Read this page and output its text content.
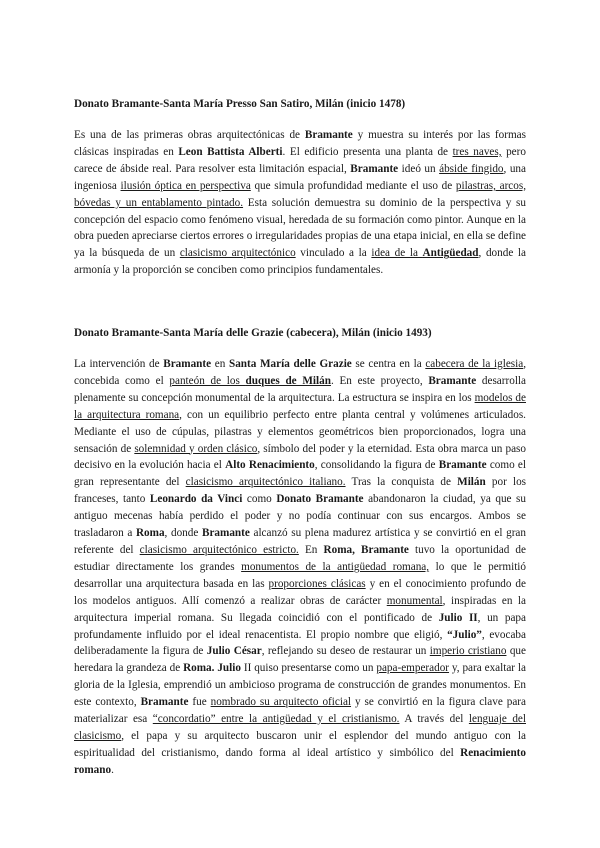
Donato Bramante-Santa María Presso San Satiro, Milán (inicio 1478)

Es una de las primeras obras arquitectónicas de Bramante y muestra su interés por las formas clásicas inspiradas en Leon Battista Alberti. El edificio presenta una planta de tres naves, pero carece de ábside real. Para resolver esta limitación espacial, Bramante ideó un ábside fingido, una ingeniosa ilusión óptica en perspectiva que simula profundidad mediante el uso de pilastras, arcos, bóvedas y un entablamento pintado. Esta solución demuestra su dominio de la perspectiva y su concepción del espacio como fenómeno visual, heredada de su formación como pintor. Aunque en la obra pueden apreciarse ciertos errores o irregularidades propias de una etapa inicial, en ella se define ya la búsqueda de un clasicismo arquitectónico vinculado a la idea de la Antigüedad, donde la armonía y la proporción se conciben como principios fundamentales.

Donato Bramante-Santa María delle Grazie (cabecera), Milán (inicio 1493)

La intervención de Bramante en Santa María delle Grazie se centra en la cabecera de la iglesia, concebida como el panteón de los duques de Milán. En este proyecto, Bramante desarrolla plenamente su concepción monumental de la arquitectura. La estructura se inspira en los modelos de la arquitectura romana, con un equilibrio perfecto entre planta central y volúmenes articulados. Mediante el uso de cúpulas, pilastras y elementos geométricos bien proporcionados, logra una sensación de solemnidad y orden clásico, símbolo del poder y la eternidad. Esta obra marca un paso decisivo en la evolución hacia el Alto Renacimiento, consolidando la figura de Bramante como el gran representante del clasicismo arquitectónico italiano. Tras la conquista de Milán por los franceses, tanto Leonardo da Vinci como Donato Bramante abandonaron la ciudad, ya que su antiguo mecenas había perdido el poder y no podía continuar con sus encargos. Ambos se trasladaron a Roma, donde Bramante alcanzó su plena madurez artística y se convirtió en el gran referente del clasicismo arquitectónico estricto. En Roma, Bramante tuvo la oportunidad de estudiar directamente los grandes monumentos de la antigüedad romana, lo que le permitió desarrollar una arquitectura basada en las proporciones clásicas y en el conocimiento profundo de los modelos antiguos. Allí comenzó a realizar obras de carácter monumental, inspiradas en la arquitectura imperial romana. Su llegada coincidió con el pontificado de Julio II, un papa profundamente influido por el ideal renacentista. El propio nombre que eligió, “Julio”, evocaba deliberadamente la figura de Julio César, reflejando su deseo de restaurar un imperio cristiano que heredara la grandeza de Roma. Julio II quiso presentarse como un papa-emperador y, para exaltar la gloria de la Iglesia, emprendió un ambicioso programa de construcción de grandes monumentos. En este contexto, Bramante fue nombrado su arquitecto oficial y se convirtió en la figura clave para materializar esa “concordatio” entre la antigüedad y el cristianismo. A través del lenguaje del clasicismo, el papa y su arquitecto buscaron unir el esplendor del mundo antiguo con la espiritualidad del cristianismo, dando forma al ideal artístico y simbólico del Renacimiento romano.
